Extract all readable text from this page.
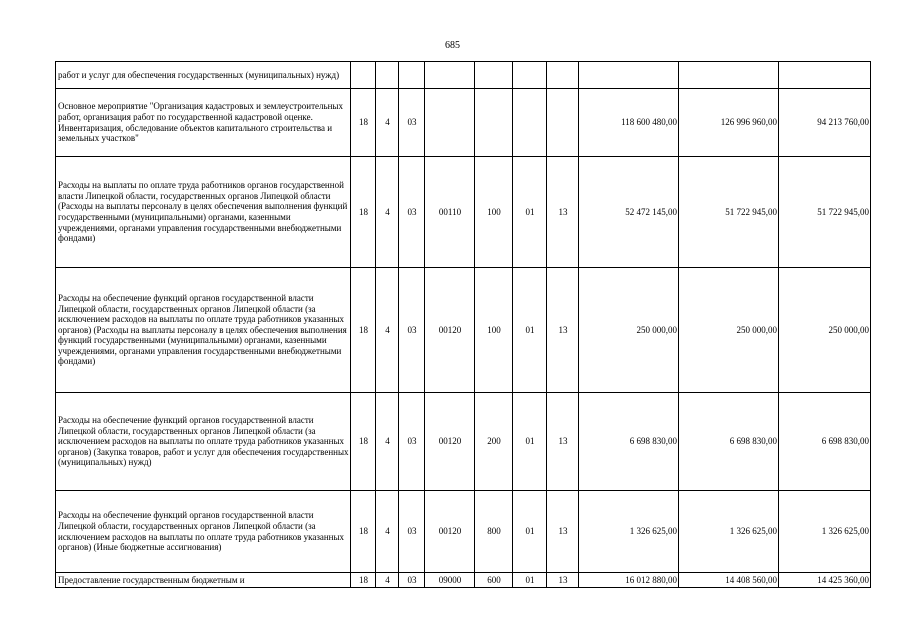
685
работ и услуг для обеспечения государственных (муниципальных) нужд)										
Основное мероприятие "Организация кадастровых и землеустроительных работ, организация работ по государственной кадастровой оценке. Инвентаризация, обследование объектов капитального строительства и земельных участков"	18	4	03					118 600 480,00	126 996 960,00	94 213 760,00
Расходы на выплаты по оплате труда работников органов государственной власти Липецкой области, государственных органов Липецкой области (Расходы на выплаты персоналу в целях обеспечения выполнения функций государственными (муниципальными) органами, казенными учреждениями, органами управления государственными внебюджетными фондами)	18	4	03	00110	100	01	13	52 472 145,00	51 722 945,00	51 722 945,00
Расходы на обеспечение функций органов государственной власти Липецкой области, государственных органов Липецкой области (за исключением расходов на выплаты по оплате труда работников указанных органов) (Расходы на выплаты персоналу в целях обеспечения выполнения функций государственными (муниципальными) органами, казенными учреждениями, органами управления государственными внебюджетными фондами)	18	4	03	00120	100	01	13	250 000,00	250 000,00	250 000,00
Расходы на обеспечение функций органов государственной власти Липецкой области, государственных органов Липецкой области (за исключением расходов на выплаты по оплате труда работников указанных органов) (Закупка товаров, работ и услуг для обеспечения государственных (муниципальных) нужд)	18	4	03	00120	200	01	13	6 698 830,00	6 698 830,00	6 698 830,00
Расходы на обеспечение функций органов государственной власти Липецкой области, государственных органов Липецкой области (за исключением расходов на выплаты по оплате труда работников указанных органов) (Иные бюджетные ассигнования)	18	4	03	00120	800	01	13	1 326 625,00	1 326 625,00	1 326 625,00
Предоставление государственным бюджетным и	18	4	03	09000	600	01	13	16 012 880,00	14 408 560,00	14 425 360,00
